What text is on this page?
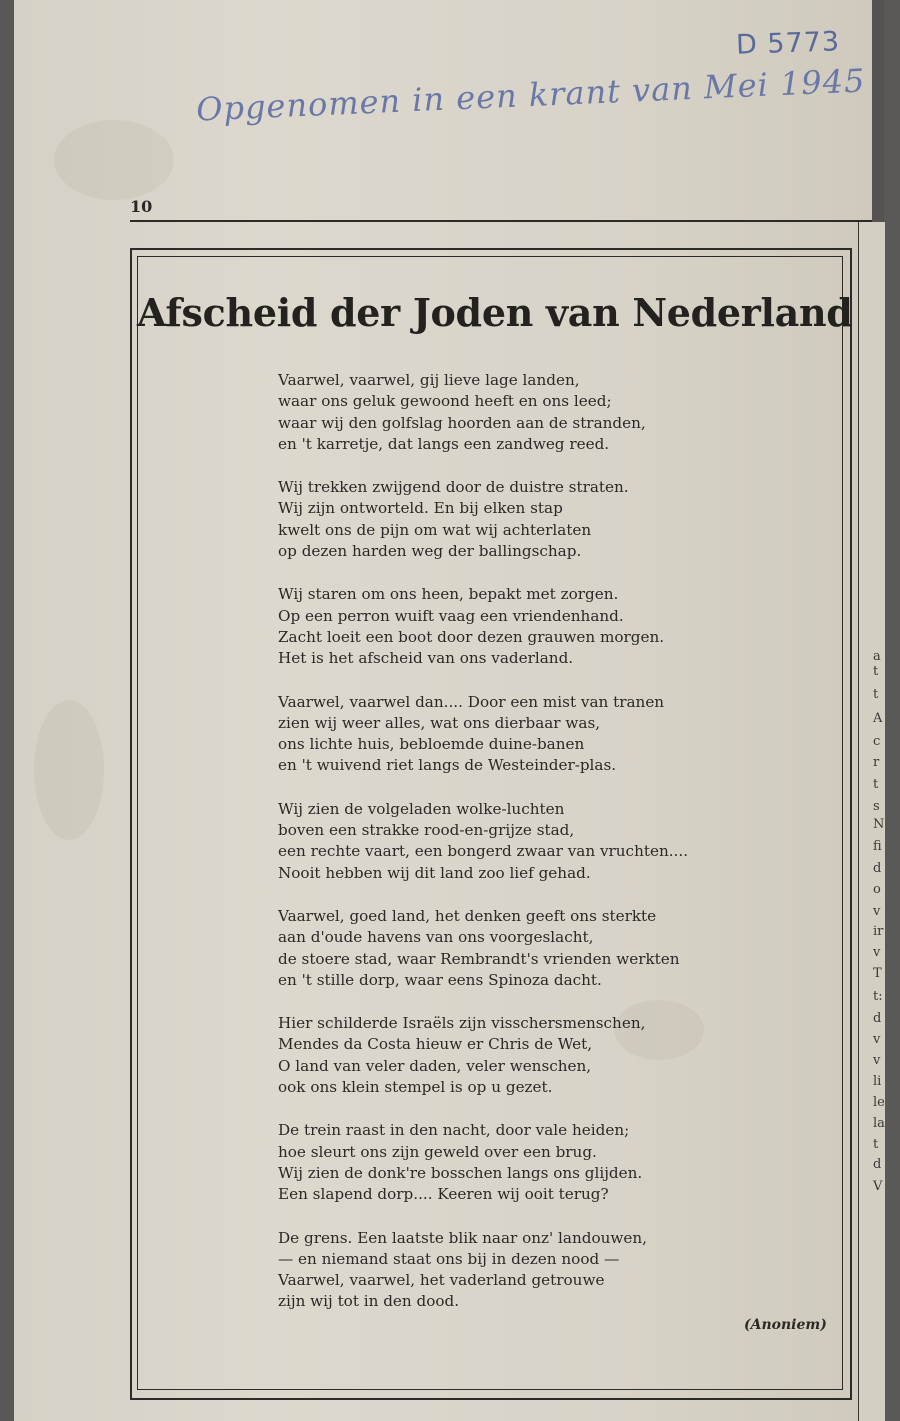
a
t
t
A
c
r
t
s
N
fi
d
o
v
ir
v
T
t:
d
v
v
li
le
la
t
d
V
D 5773
Opgenomen in een krant van Mei 1945
10
Afscheid der Joden van Nederland
Vaarwel, vaarwel, gij lieve lage landen,
waar ons geluk gewoond heeft en ons leed;
waar wij den golfslag hoorden aan de stranden,
en 't karretje, dat langs een zandweg reed.
Wij trekken zwijgend door de duistre straten.
Wij zijn ontworteld. En bij elken stap
kwelt ons de pijn om wat wij achterlaten
op dezen harden weg der ballingschap.
Wij staren om ons heen, bepakt met zorgen.
Op een perron wuift vaag een vriendenhand.
Zacht loeit een boot door dezen grauwen morgen.
Het is het afscheid van ons vaderland.
Vaarwel, vaarwel dan.... Door een mist van tranen
zien wij weer alles, wat ons dierbaar was,
ons lichte huis, bebloemde duine-banen
en 't wuivend riet langs de Westeinder-plas.
Wij zien de volgeladen wolke-luchten
boven een strakke rood-en-grijze stad,
een rechte vaart, een bongerd zwaar van vruchten....
Nooit hebben wij dit land zoo lief gehad.
Vaarwel, goed land, het denken geeft ons sterkte
aan d'oude havens van ons voorgeslacht,
de stoere stad, waar Rembrandt's vrienden werkten
en 't stille dorp, waar eens Spinoza dacht.
Hier schilderde Israëls zijn visschersmenschen,
Mendes da Costa hieuw er Chris de Wet,
O land van veler daden, veler wenschen,
ook ons klein stempel is op u gezet.
De trein raast in den nacht, door vale heiden;
hoe sleurt ons zijn geweld over een brug.
Wij zien de donk're bosschen langs ons glijden.
Een slapend dorp.... Keeren wij ooit terug?
De grens. Een laatste blik naar onz' landouwen,
— en niemand staat ons bij in dezen nood —
Vaarwel, vaarwel, het vaderland getrouwe
zijn wij tot in den dood.
(Anoniem)
